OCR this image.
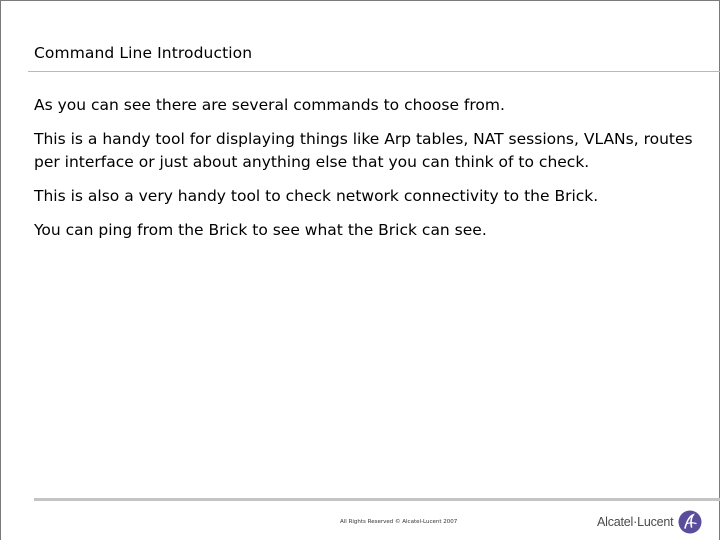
Command Line Introduction

As you can see there are several commands to choose from.

This is a handy tool for displaying things like Arp tables, NAT sessions, VLANs, routes per interface or just about anything else that you can think of to check.

This is also a very handy tool to check network connectivity to the Brick.

You can ping from the Brick to see what the Brick can see.

All Rights Reserved © Alcatel-Lucent 2007	Alcatel·Lucent
